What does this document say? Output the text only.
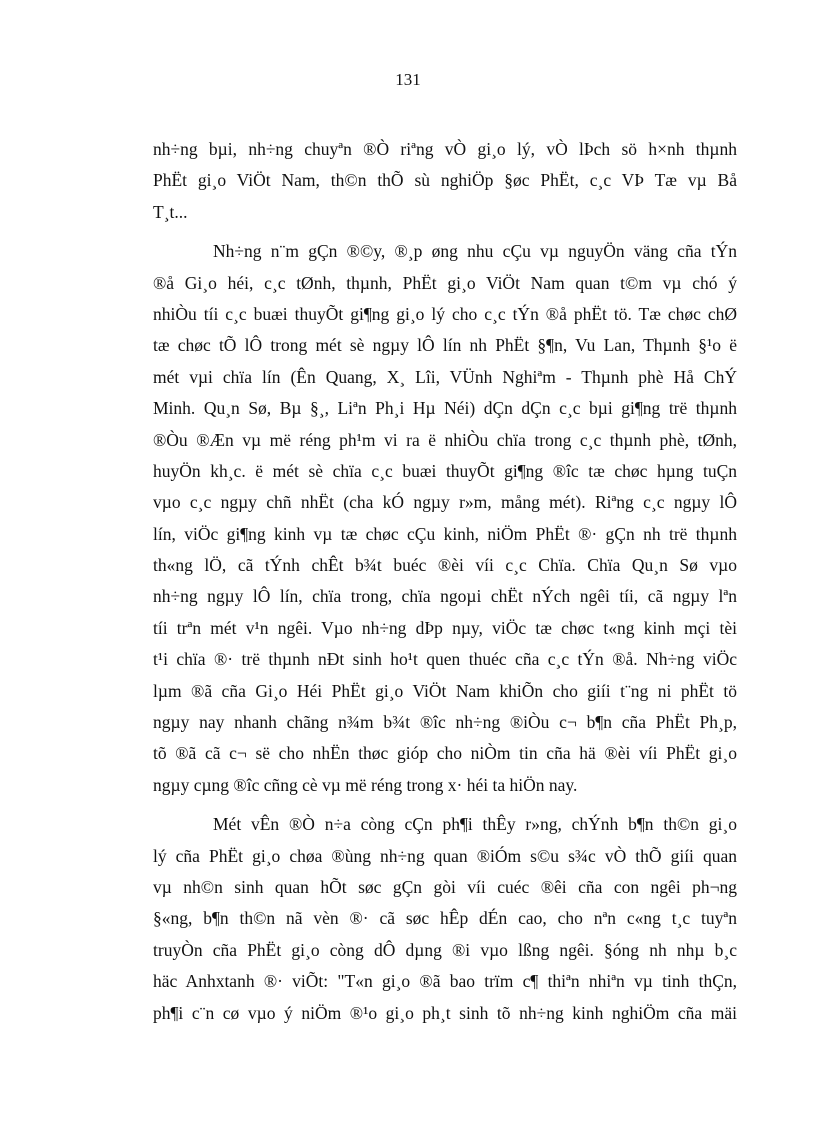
131
nh÷ng bµi, nh÷ng chuyªn ®Ò riªng vÒ gi¸o lý, vÒ lÞch sö h×nh thµnh
PhËt gi¸o ViÖt Nam, th©n thÕ sù nghiÖp §øc PhËt, c¸c VÞ Tæ vµ Bå
T¸t...
Nh÷ng n¨m gÇn ®©y, ®¸p øng nhu cÇu vµ nguyÖn väng cña tÝn
®å Gi¸o héi, c¸c tØnh, thµnh, PhËt gi¸o ViÖt Nam quan t©m vµ chó ý
nhiÒu tíi c¸c buæi thuyÕt gi¶ng gi¸o lý cho c¸c tÝn ®å phËt tö. Tæ chøc chØ
tæ chøc tÕ lÔ trong mét sè ngµy lÔ lín nh PhËt §¶n, Vu Lan, Thµnh §¹o ë
mét vµi chïa lín (Ên Quang, X¸ Lîi, VÜnh Nghiªm - Thµnh phè Hå ChÝ
Minh. Qu¸n Sø, Bµ §¸, Liªn Ph¸i Hµ Néi) dÇn dÇn c¸c bµi gi¶ng trë thµnh
®Òu ®Æn vµ më réng ph¹m vi ra ë nhiÒu chïa trong c¸c thµnh phè, tØnh,
huyÖn kh¸c. ë mét sè chïa c¸c buæi thuyÕt gi¶ng ®îc tæ chøc hµng tuÇn
vµo c¸c ngµy chñ nhËt (cha kÓ ngµy r»m, mång mét). Riªng c¸c ngµy lÔ
lín, viÖc gi¶ng kinh vµ tæ chøc cÇu kinh, niÖm PhËt ®· gÇn nh trë thµnh
th«ng lÖ, cã tÝnh chÊt b¾t buéc ®èi víi c¸c Chïa. Chïa Qu¸n Sø vµo
nh÷ng ngµy lÔ lín, chïa trong, chïa ngoµi chËt nÝch ngêi tíi, cã ngµy lªn
tíi trªn mét v¹n ngêi. Vµo nh÷ng dÞp nµy, viÖc tæ chøc t«ng kinh mçi tèi
t¹i chïa ®· trë thµnh nÐt sinh ho¹t quen thuéc cña c¸c tÝn ®å. Nh÷ng viÖc
lµm ®ã cña Gi¸o Héi PhËt gi¸o ViÖt Nam khiÕn cho giíi t¨ng ni phËt tö
ngµy nay nhanh chãng n¾m b¾t ®îc nh÷ng ®iÒu c¬ b¶n cña PhËt Ph¸p,
tõ ®ã cã c¬ së cho nhËn thøc gióp cho niÒm tin cña hä ®èi víi PhËt gi¸o
ngµy cµng ®îc cñng cè vµ më réng trong x· héi ta hiÖn nay.
Mét vÊn ®Ò n÷a còng cÇn ph¶i thÊy r»ng, chÝnh b¶n th©n gi¸o
lý cña PhËt gi¸o chøa ®ùng nh÷ng quan ®iÓm s©u s¾c vÒ thÕ giíi quan
vµ nh©n sinh quan hÕt søc gÇn gòi víi cuéc ®êi cña con ngêi ph¬ng
§«ng, b¶n th©n nã vèn ®· cã søc hÊp dÉn cao, cho nªn c«ng t¸c tuyªn
truyÒn cña PhËt gi¸o còng dÔ dµng ®i vµo lßng ngêi. §óng nh nhµ b¸c
häc Anhxtanh ®· viÕt: "T«n gi¸o ®ã bao trïm c¶ thiªn nhiªn vµ tinh thÇn,
ph¶i c¨n cø vµo ý niÖm ®¹o gi¸o ph¸t sinh tõ nh÷ng kinh nghiÖm cña mäi
